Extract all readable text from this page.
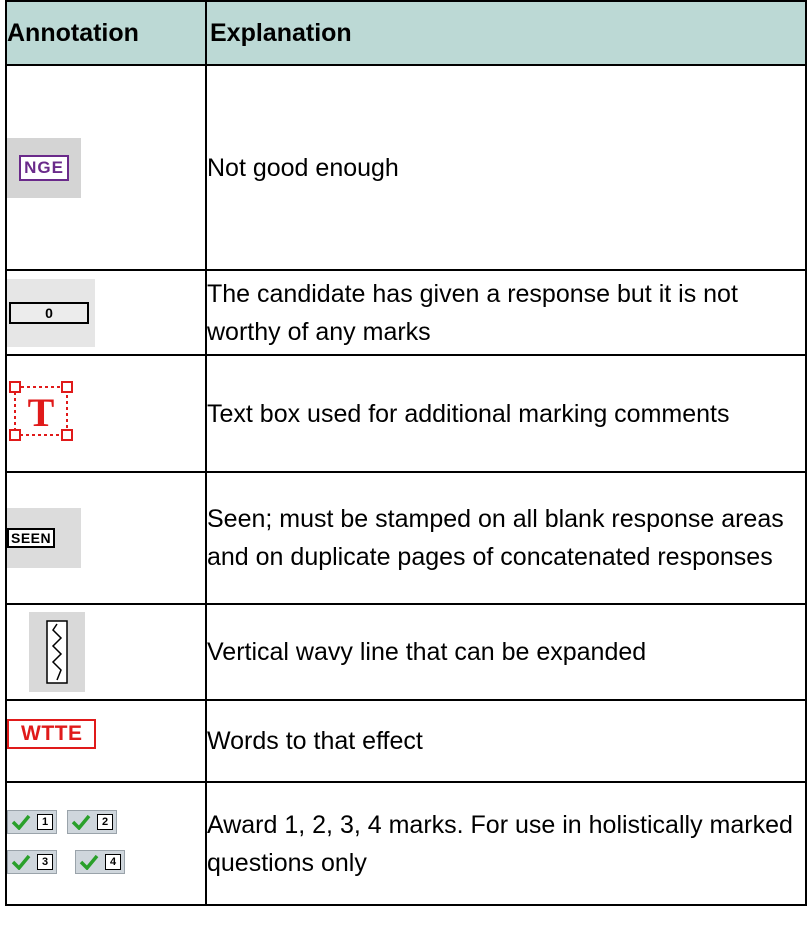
Annotation	Explanation

NGE	Not good enough

0	The candidate has given a response but it is not worthy of any marks

T	Text box used for additional marking comments

SEEN	Seen; must be stamped on all blank response areas and on duplicate pages of concatenated responses

	Vertical wavy line that can be expanded
WTTE	Words to that effect

1 2
3 4	Award 1, 2, 3, 4 marks. For use in holistically marked questions only
